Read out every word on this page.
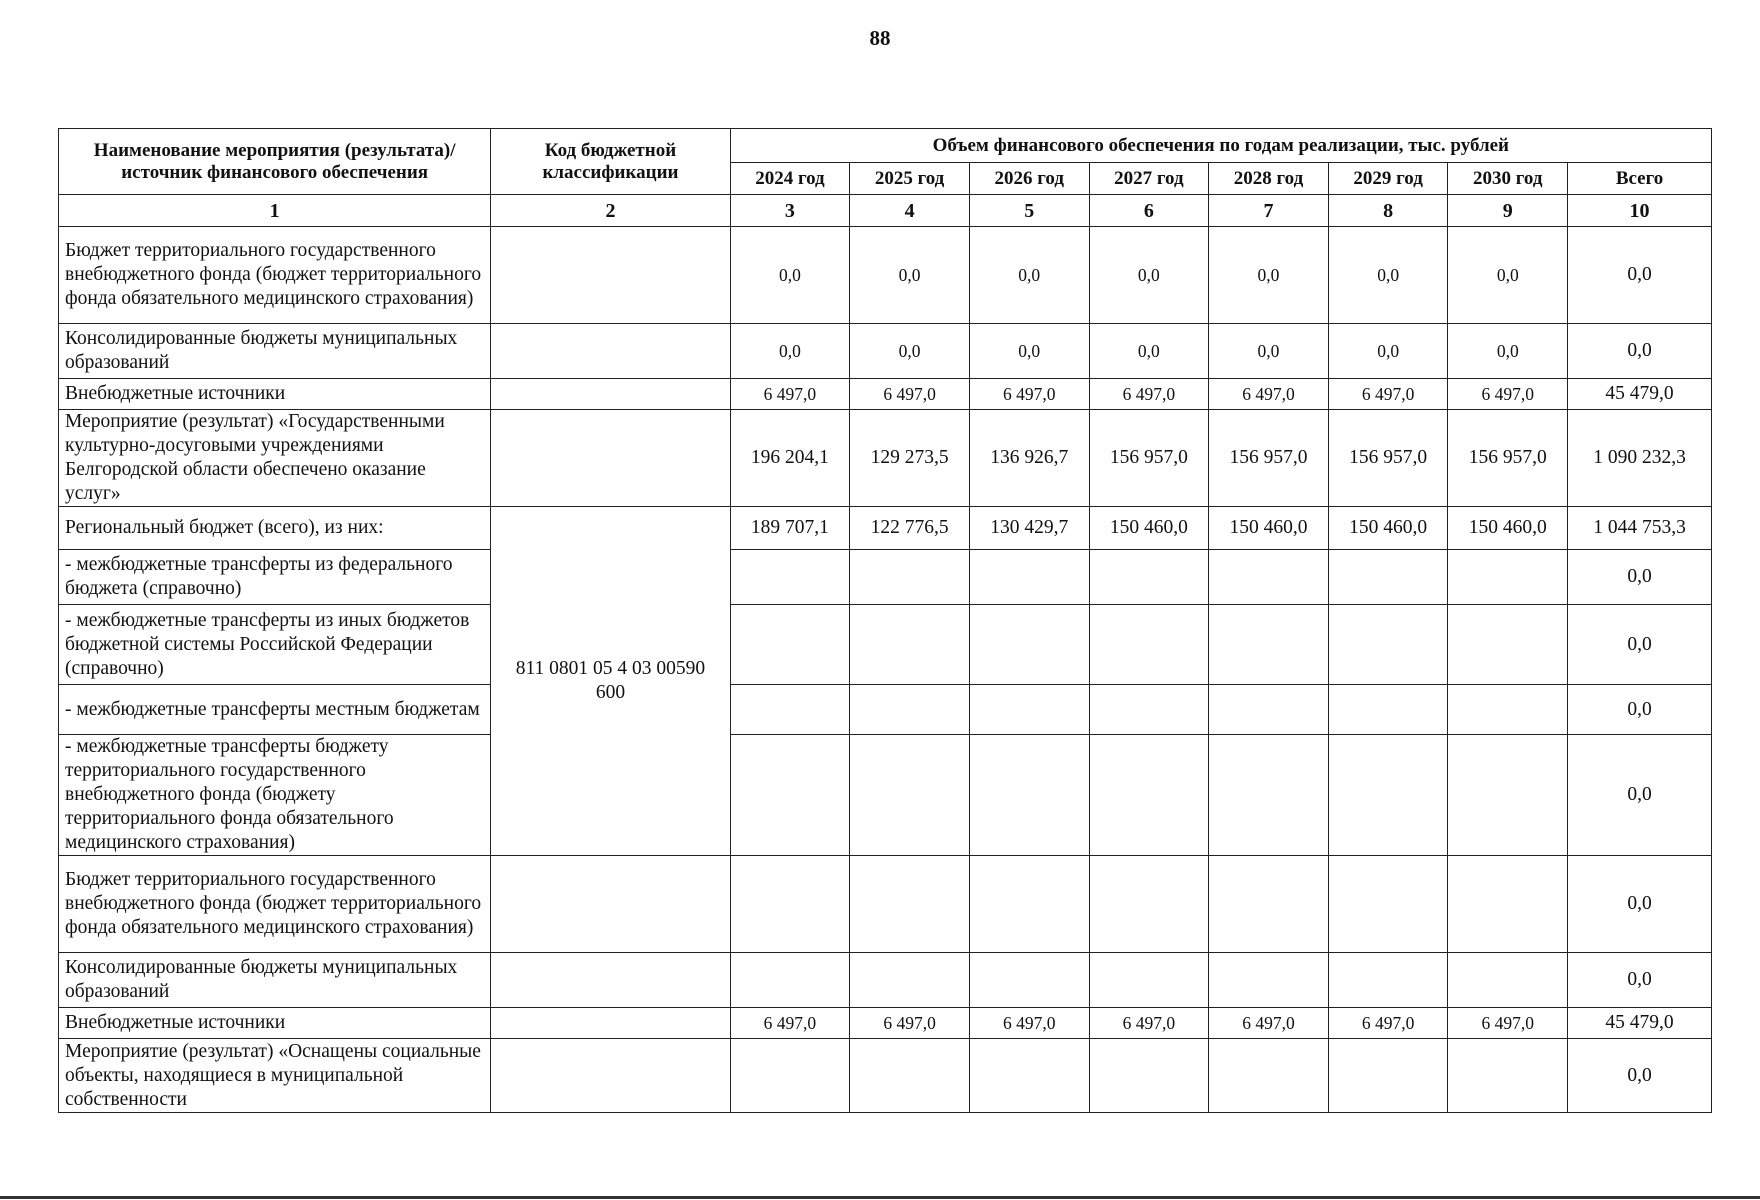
88
Наименование мероприятия (результата)/ источник финансового обеспечения	Код бюджетной классификации	Объем финансового обеспечения по годам реализации, тыс. рублей							
		2024 год	2025 год	2026 год	2027 год	2028 год	2029 год	2030 год	Всего
1	2	3	4	5	6	7	8	9	10
Бюджет территориального государственного внебюджетного фонда (бюджет территориального фонда обязательного медицинского страхования)		0,0	0,0	0,0	0,0	0,0	0,0	0,0	0,0
Консолидированные бюджеты муниципальных образований		0,0	0,0	0,0	0,0	0,0	0,0	0,0	0,0
Внебюджетные источники		6 497,0	6 497,0	6 497,0	6 497,0	6 497,0	6 497,0	6 497,0	45 479,0
Мероприятие (результат) «Государственными культурно-досуговыми учреждениями Белгородской области обеспечено оказание услуг»		196 204,1	129 273,5	136 926,7	156 957,0	156 957,0	156 957,0	156 957,0	1 090 232,3
Региональный бюджет (всего), из них:	811 0801 05 4 03 00590 600	189 707,1	122 776,5	130 429,7	150 460,0	150 460,0	150 460,0	150 460,0	1 044 753,3
- межбюджетные трансферты из федерального бюджета (справочно)									0,0
- межбюджетные трансферты из иных бюджетов бюджетной системы Российской Федерации (справочно)									0,0
- межбюджетные трансферты местным бюджетам									0,0
- межбюджетные трансферты бюджету территориального государственного внебюджетного фонда (бюджету территориального фонда обязательного медицинского страхования)									0,0
Бюджет территориального государственного внебюджетного фонда (бюджет территориального фонда обязательного медицинского страхования)									0,0
Консолидированные бюджеты муниципальных образований									0,0
Внебюджетные источники		6 497,0	6 497,0	6 497,0	6 497,0	6 497,0	6 497,0	6 497,0	45 479,0
Мероприятие (результат) «Оснащены социальные объекты, находящиеся в муниципальной собственности									0,0
